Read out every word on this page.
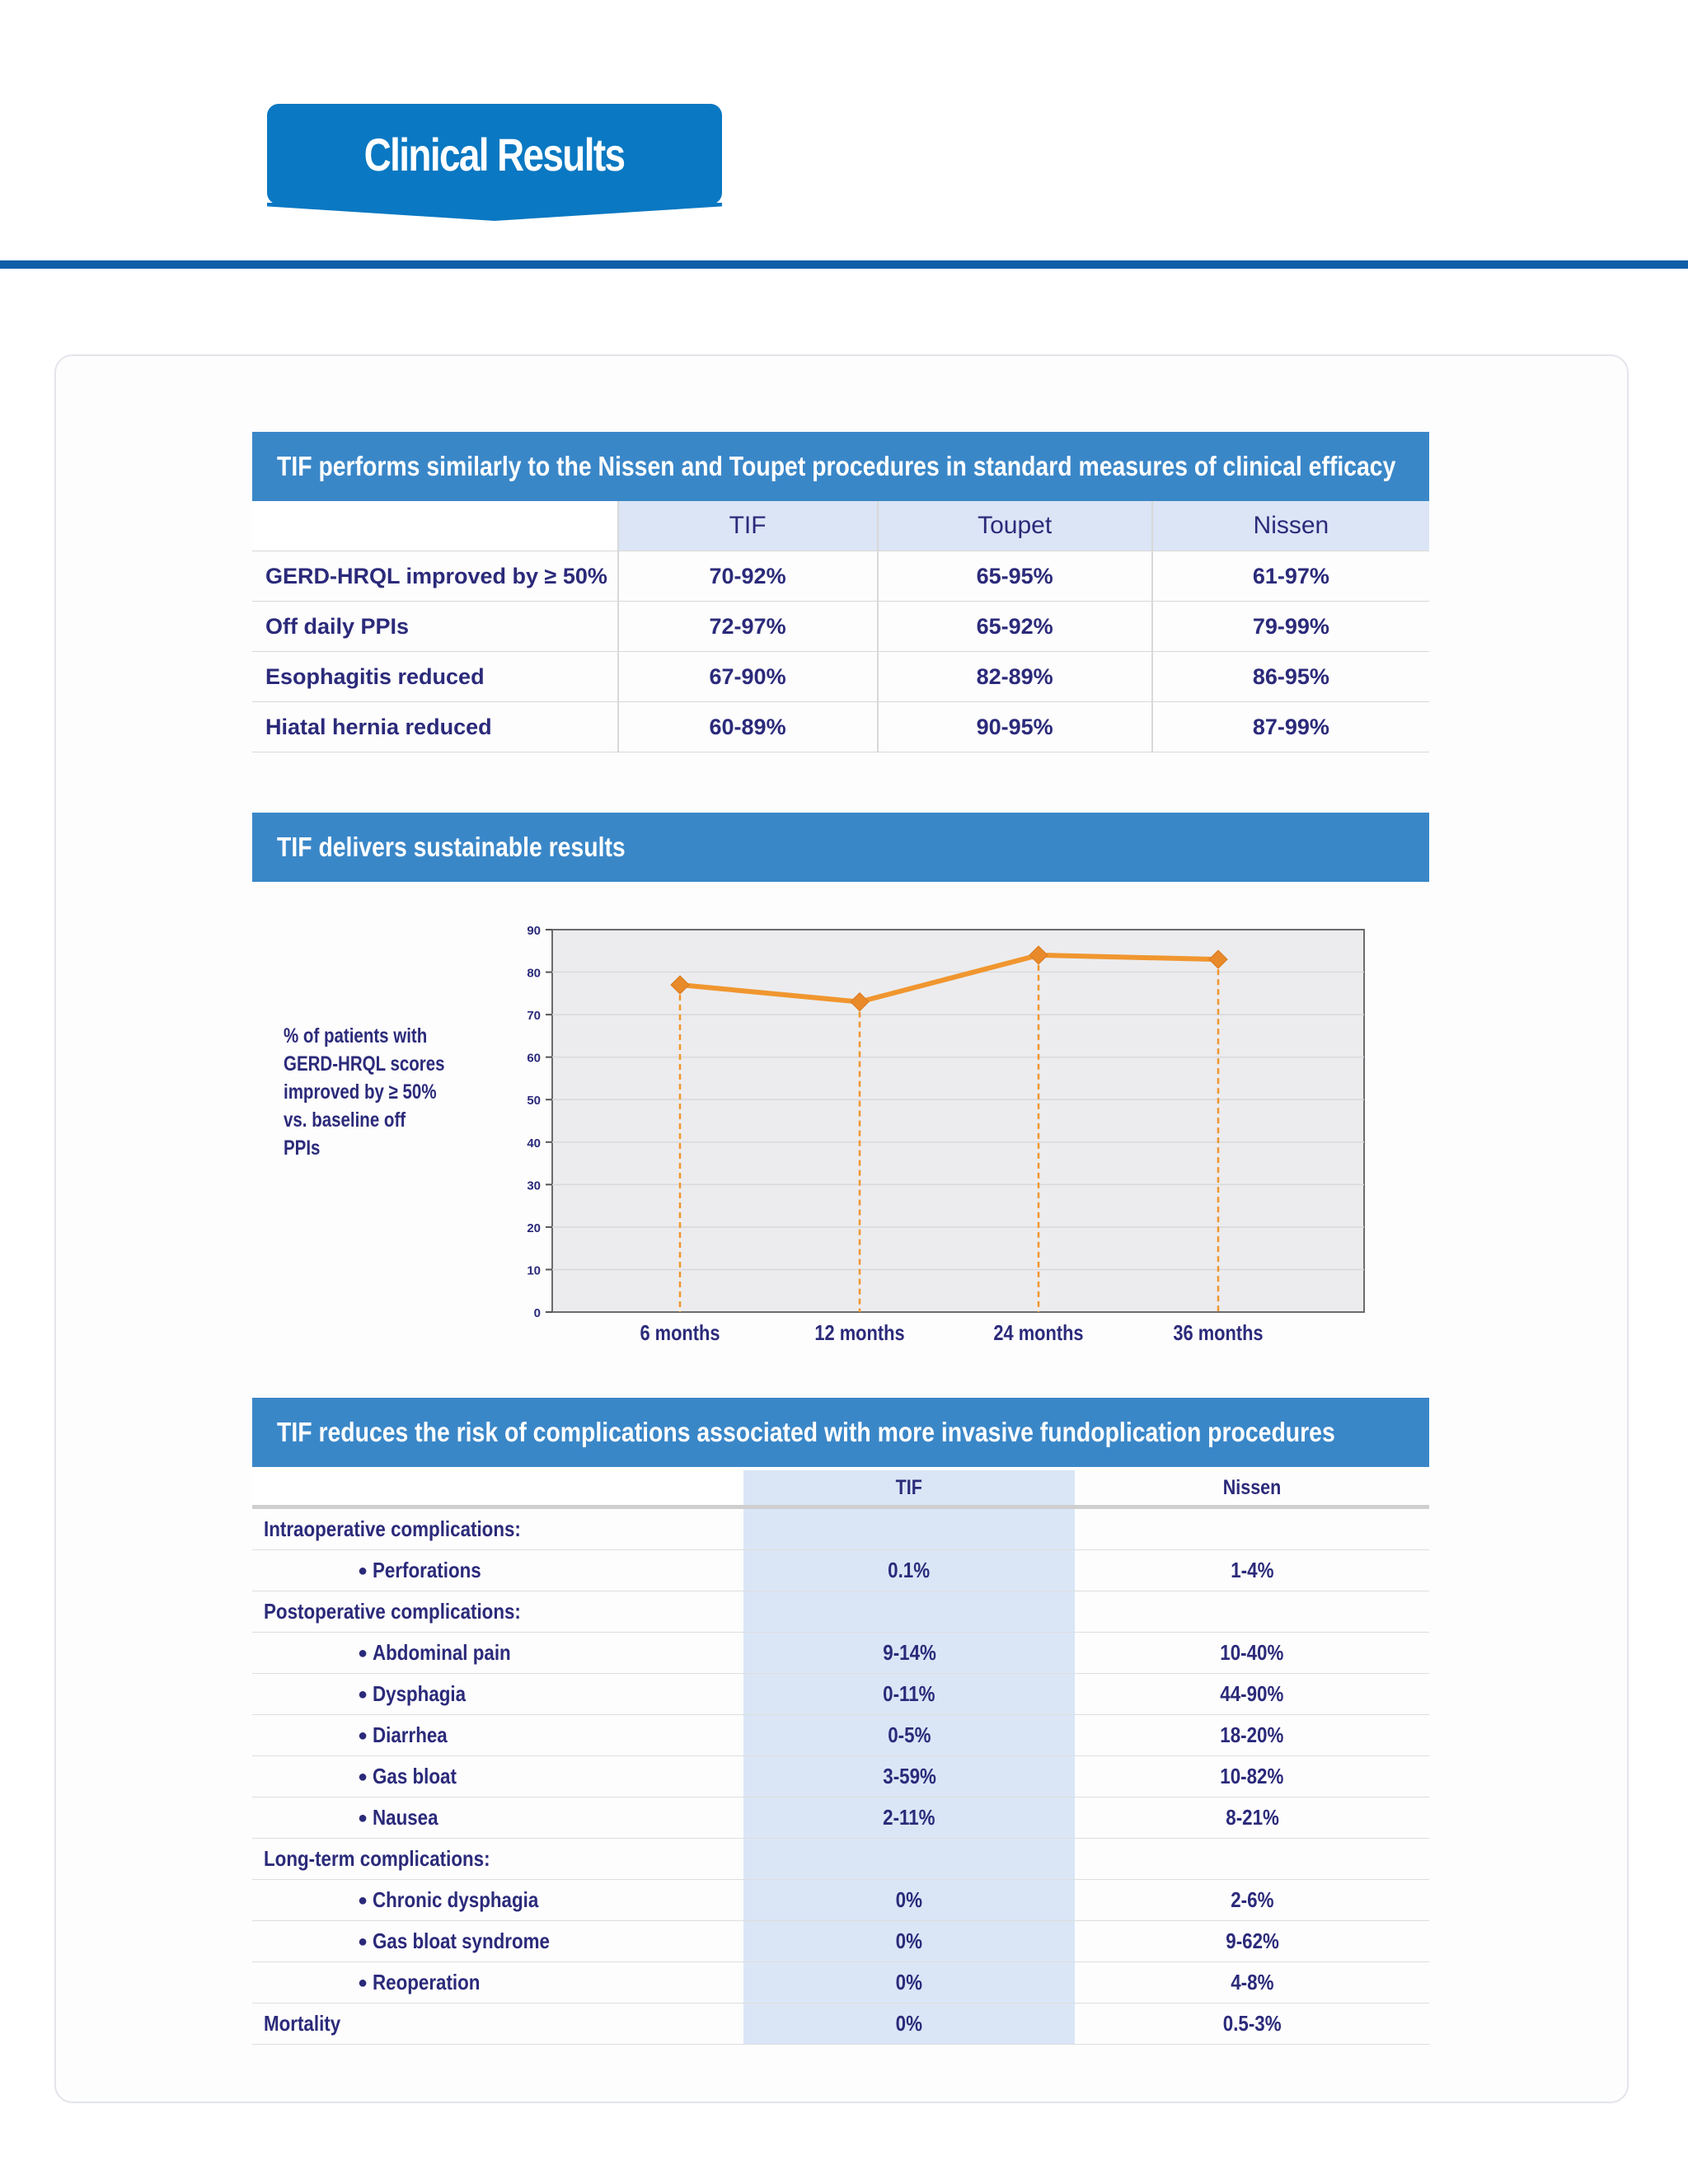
Clinical Results
TIF performs similarly to the Nissen and Toupet procedures in standard measures of clinical efficacy
	TIF	Toupet	Nissen
GERD-HRQL improved by ≥ 50%	70-92%	65-95%	61-97%
Off daily PPIs	72-97%	65-92%	79-99%
Esophagitis reduced	67-90%	82-89%	86-95%
Hiatal hernia reduced	60-89%	90-95%	87-99%
TIF delivers sustainable results
% of patients with
GERD-HRQL scores
improved by ≥ 50%
vs. baseline off PPIs
0
10
20
30
40
50
60
70
80
90
6 months	12 months	24 months	36 months
TIF reduces the risk of complications associated with more invasive fundoplication procedures
	TIF	Nissen
Intraoperative complications:		
● Perforations	0.1%	1-4%
Postoperative complications:		
● Abdominal pain	9-14%	10-40%
● Dysphagia	0-11%	44-90%
● Diarrhea	0-5%	18-20%
● Gas bloat	3-59%	10-82%
● Nausea	2-11%	8-21%
Long-term complications:		
● Chronic dysphagia	0%	2-6%
● Gas bloat syndrome	0%	9-62%
● Reoperation	0%	4-8%
Mortality	0%	0.5-3%
